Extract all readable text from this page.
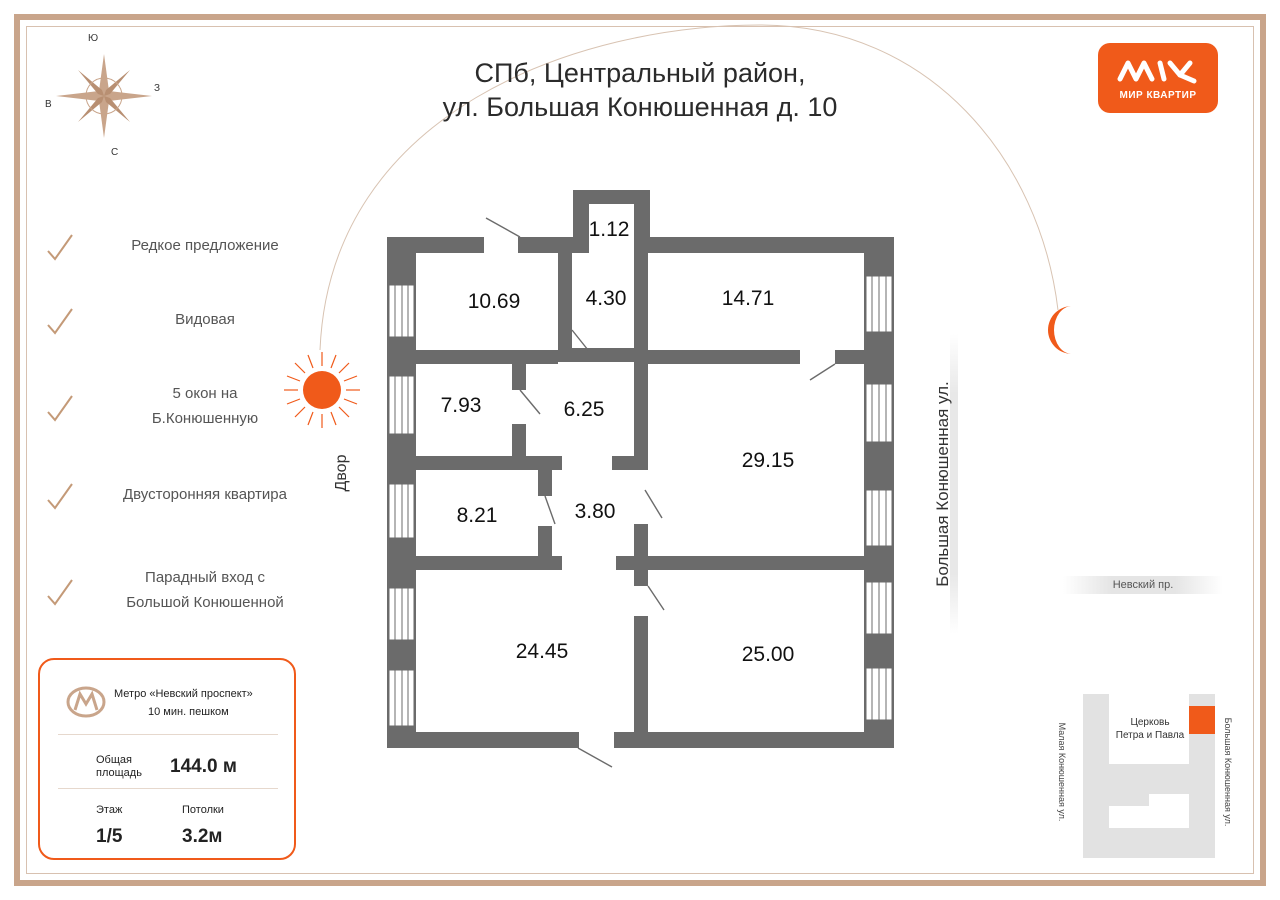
Ю
З
С
В
СПб, Центральный район,
ул. Большая Конюшенная д. 10	МИР КВАРТИР
Редкое предложение
Видовая
5 окон на
Б.Конюшенную
Двусторонняя квартира
Парадный вход с
Большой Конюшенной
Метро «Невский проспект»
10 мин. пешком
Общая
площадь 144.0 м
Этаж	Потолки
1/5	3.2м
1.12
10.69	4.30	14.71
7.93	6.25
29.15
8.21	3.80
24.45	25.00
Большая Конюшенная ул.
Двор
Невский пр.
Церковь
Петра и Павла
Малая Конюшенная ул.	Большая Конюшенная ул.
